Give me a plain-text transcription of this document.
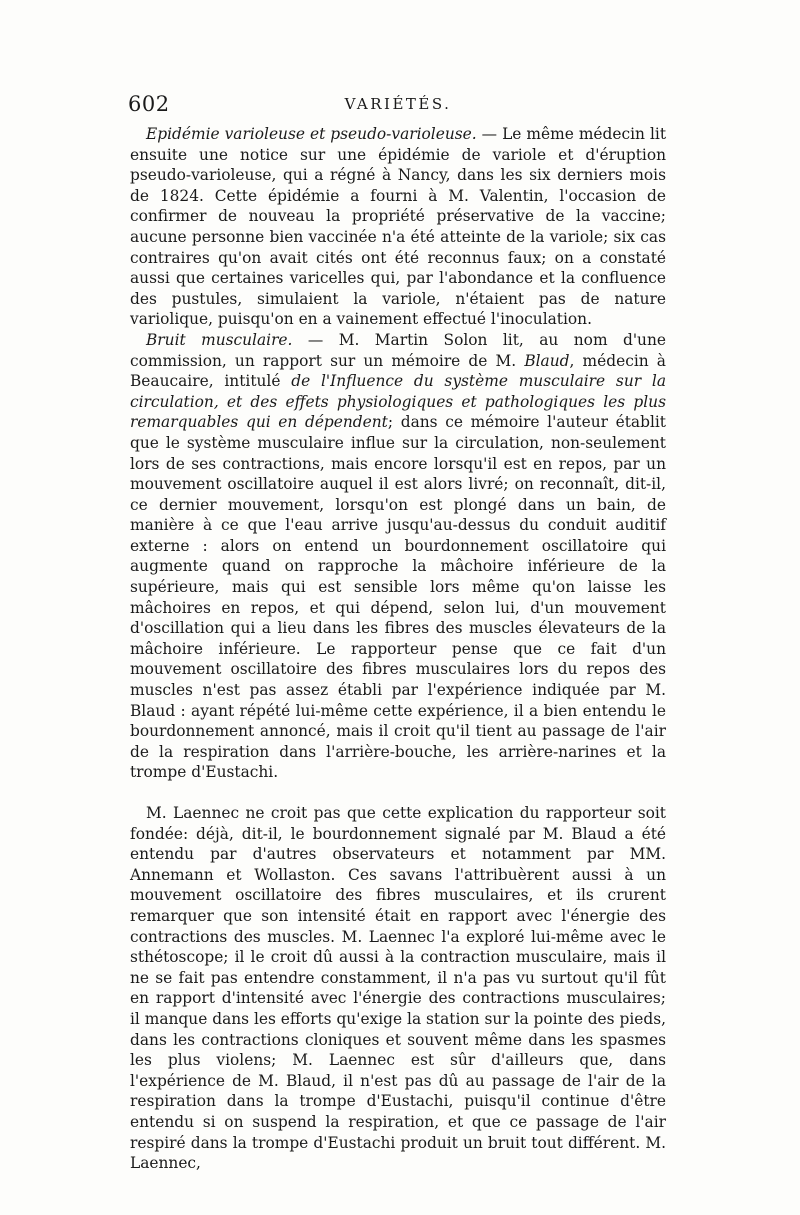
602	VARIÉTÉS.

Epidémie varioleuse et pseudo-varioleuse. — Le même médecin lit ensuite une notice sur une épidémie de variole et d'éruption pseudo-varioleuse, qui a régné à Nancy, dans les six derniers mois de 1824. Cette épidémie a fourni à M. Valentin, l'occasion de confirmer de nouveau la propriété préservative de la vaccine; aucune personne bien vaccinée n'a été atteinte de la variole; six cas contraires qu'on avait cités ont été reconnus faux; on a constaté aussi que certaines varicelles qui, par l'abondance et la confluence des pustules, simulaient la variole, n'étaient pas de nature variolique, puisqu'on en a vainement effectué l'inoculation.

Bruit musculaire. — M. Martin Solon lit, au nom d'une commission, un rapport sur un mémoire de M. Blaud, médecin à Beaucaire, intitulé de l'Influence du système musculaire sur la circulation, et des effets physiologiques et pathologiques les plus remarquables qui en dépendent; dans ce mémoire l'auteur établit que le système musculaire influe sur la circulation, non-seulement lors de ses contractions, mais encore lorsqu'il est en repos, par un mouvement oscillatoire auquel il est alors livré; on reconnaît, dit-il, ce dernier mouvement, lorsqu'on est plongé dans un bain, de manière à ce que l'eau arrive jusqu'au-dessus du conduit auditif externe : alors on entend un bourdonnement oscillatoire qui augmente quand on rapproche la mâchoire inférieure de la supérieure, mais qui est sensible lors même qu'on laisse les mâchoires en repos, et qui dépend, selon lui, d'un mouvement d'oscillation qui a lieu dans les fibres des muscles élevateurs de la mâchoire inférieure. Le rapporteur pense que ce fait d'un mouvement oscillatoire des fibres musculaires lors du repos des muscles n'est pas assez établi par l'expérience indiquée par M. Blaud : ayant répété lui-même cette expérience, il a bien entendu le bourdonnement annoncé, mais il croit qu'il tient au passage de l'air de la respiration dans l'arrière-bouche, les arrière-narines et la trompe d'Eustachi.

M. Laennec ne croit pas que cette explication du rapporteur soit fondée: déjà, dit-il, le bourdonnement signalé par M. Blaud a été entendu par d'autres observateurs et notamment par MM. Annemann et Wollaston. Ces savans l'attribuèrent aussi à un mouvement oscillatoire des fibres musculaires, et ils crurent remarquer que son intensité était en rapport avec l'énergie des contractions des muscles. M. Laennec l'a exploré lui-même avec le sthétoscope; il le croit dû aussi à la contraction musculaire, mais il ne se fait pas entendre constamment, il n'a pas vu surtout qu'il fût en rapport d'intensité avec l'énergie des contractions musculaires; il manque dans les efforts qu'exige la station sur la pointe des pieds, dans les contractions cloniques et souvent même dans les spasmes les plus violens; M. Laennec est sûr d'ailleurs que, dans l'expérience de M. Blaud, il n'est pas dû au passage de l'air de la respiration dans la trompe d'Eustachi, puisqu'il continue d'être entendu si on suspend la respiration, et que ce passage de l'air respiré dans la trompe d'Eustachi produit un bruit tout différent. M. Laennec,
